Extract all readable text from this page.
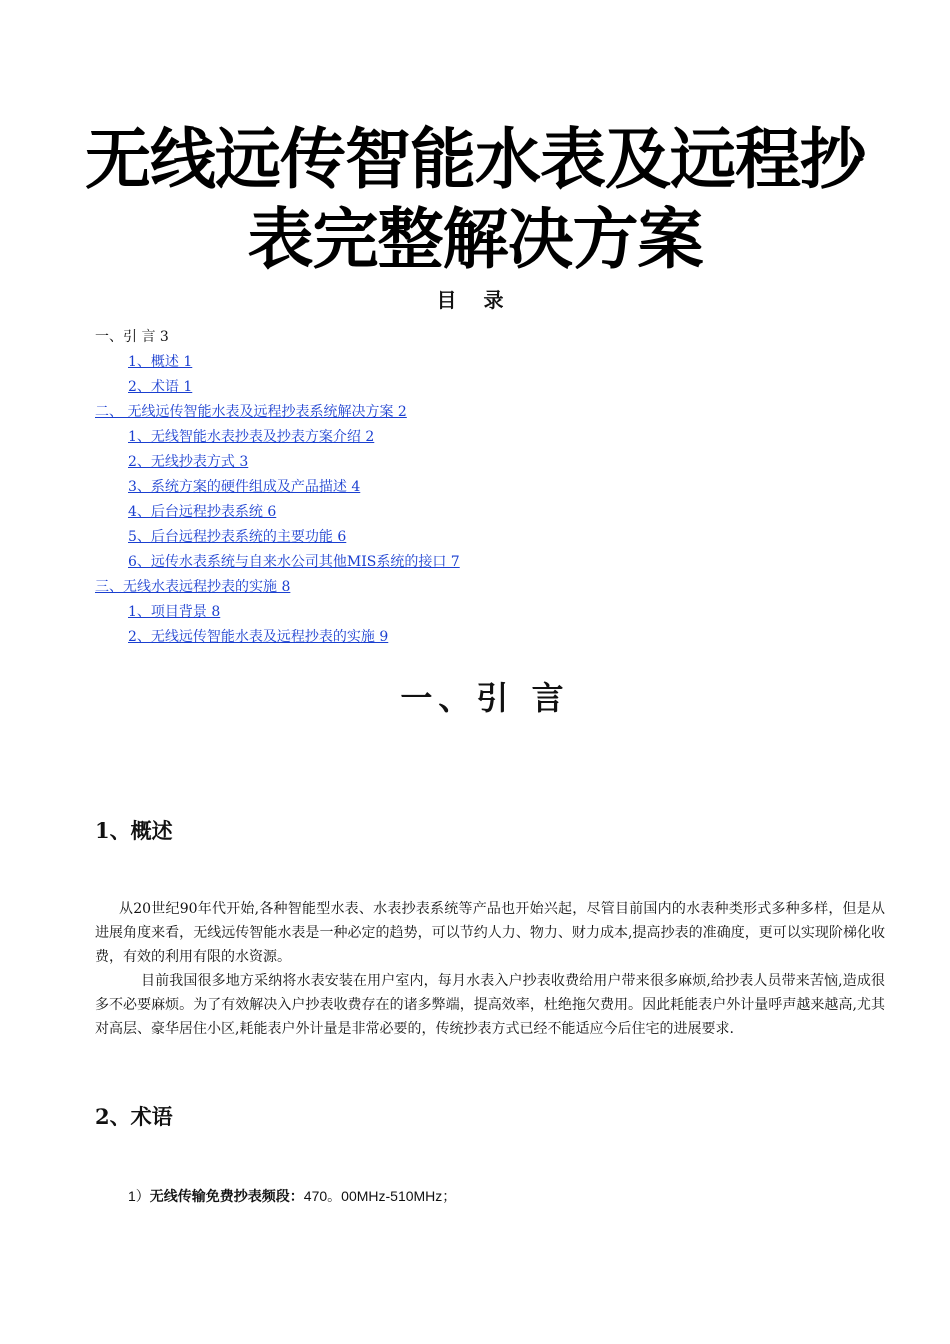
无线远传智能水表及远程抄表完整解决方案
目 录
一、引 言 3
1、概述 1
2、术语 1
二、 无线远传智能水表及远程抄表系统解决方案 2
1、无线智能水表抄表及抄表方案介绍 2
2、无线抄表方式 3
3、系统方案的硬件组成及产品描述 4
4、后台远程抄表系统 6
5、后台远程抄表系统的主要功能 6
6、远传水表系统与自来水公司其他MIS系统的接口 7
三、无线水表远程抄表的实施 8
1、项目背景 8
2、无线远传智能水表及远程抄表的实施 9
一、引 言
1、概述

从20世纪90年代开始,各种智能型水表、水表抄表系统等产品也开始兴起，尽管目前国内的水表种类形式多种多样，但是从进展角度来看，无线远传智能水表是一种必定的趋势，可以节约人力、物力、财力成本,提高抄表的准确度，更可以实现阶梯化收费，有效的利用有限的水资源。

目前我国很多地方采纳将水表安装在用户室内，每月水表入户抄表收费给用户带来很多麻烦,给抄表人员带来苦恼,造成很多不必要麻烦。为了有效解决入户抄表收费存在的诸多弊端，提高效率，杜绝拖欠费用。因此耗能表户外计量呼声越来越高,尤其对高层、豪华居住小区,耗能表户外计量是非常必要的，传统抄表方式已经不能适应今后住宅的进展要求.

2、术语
1）无线传输免费抄表频段：470。00MHz-510MHz；
